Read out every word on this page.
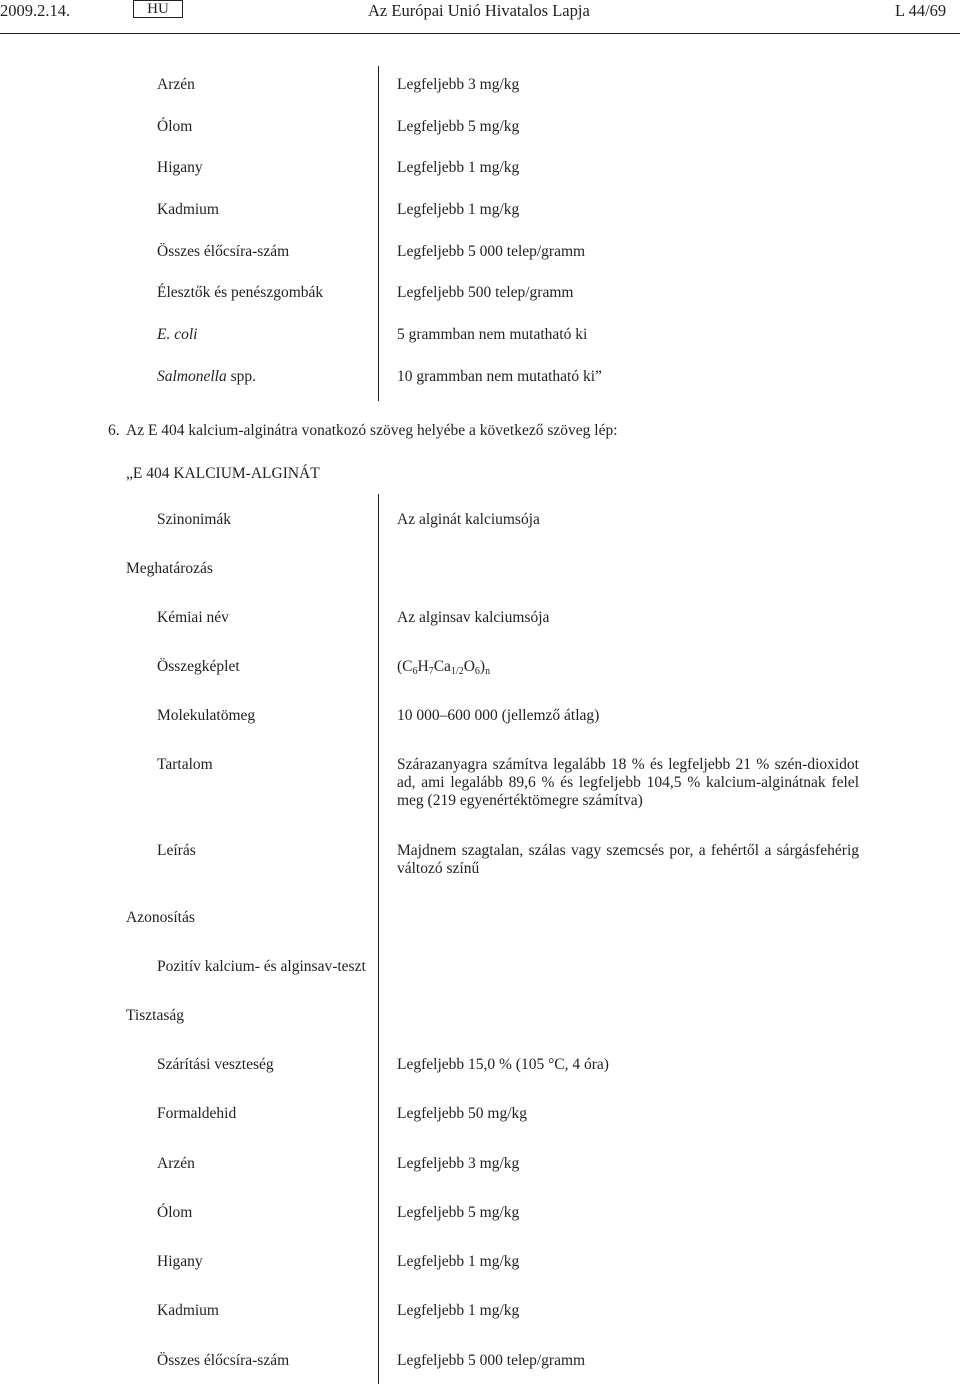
2009.2.14.	HU	Az Európai Unió Hivatalos Lapja	L 44/69
Arzén	Legfeljebb 3 mg/kg
Ólom	Legfeljebb 5 mg/kg
Higany	Legfeljebb 1 mg/kg
Kadmium	Legfeljebb 1 mg/kg
Összes élőcsíra-szám	Legfeljebb 5 000 telep/gramm
Élesztők és penészgombák	Legfeljebb 500 telep/gramm
E. coli	5 grammban nem mutatható ki
Salmonella spp.	10 grammban nem mutatható ki”
6. Az E 404 kalcium-alginátra vonatkozó szöveg helyébe a következő szöveg lép:
„E 404 KALCIUM-ALGINÁT
Szinonimák	Az alginát kalciumsója
Meghatározás
Kémiai név	Az alginsav kalciumsója
Összegképlet	$(C_6H_7Ca_{1/2}O_6)_n$
Molekulatömeg	10 000–600 000 (jellemző átlag)
Tartalom	Szárazanyagra számítva legalább 18 % és legfeljebb 21 % szén-dioxidot ad, ami legalább 89,6 % és legfeljebb 104,5 % kalcium-alginátnak felel meg (219 egyenértéktömegre számítva)
Leírás	Majdnem szagtalan, szálas vagy szemcsés por, a fehértől a sárgásfehérig változó színű
Azonosítás
Pozitív kalcium- és alginsav-teszt
Tisztaság
Szárítási veszteség	Legfeljebb 15,0 % (105 °C, 4 óra)
Formaldehid	Legfeljebb 50 mg/kg
Arzén	Legfeljebb 3 mg/kg
Ólom	Legfeljebb 5 mg/kg
Higany	Legfeljebb 1 mg/kg
Kadmium	Legfeljebb 1 mg/kg
Összes élőcsíra-szám	Legfeljebb 5 000 telep/gramm
